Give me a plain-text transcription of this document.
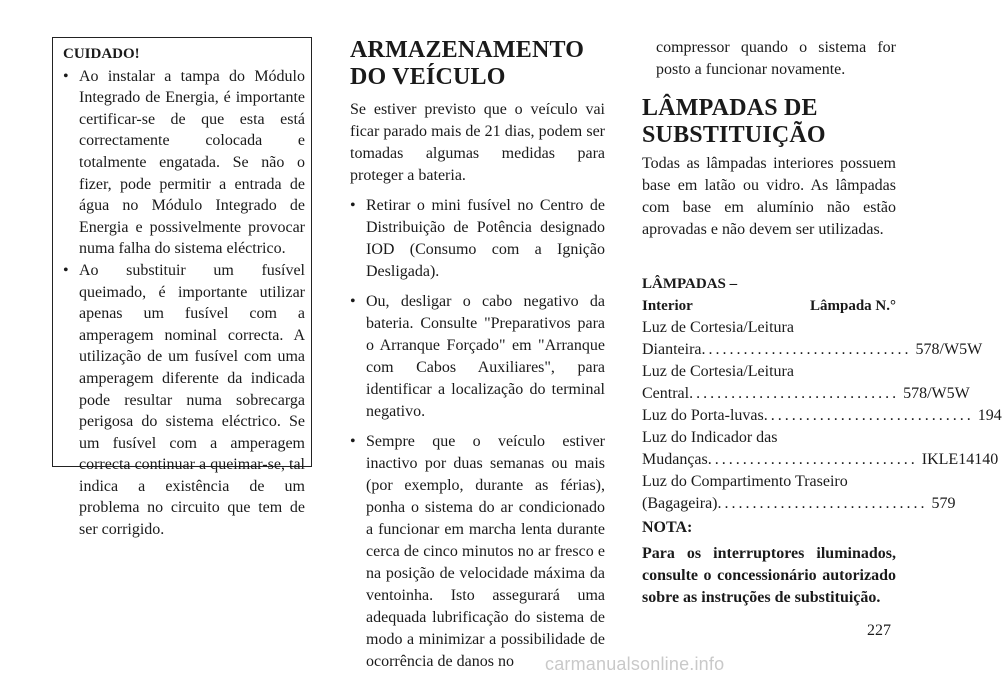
CUIDADO!
• Ao instalar a tampa do Módulo Integrado de Energia, é importante certificar-se de que esta está correctamente colocada e totalmente engatada. Se não o fizer, pode permitir a entrada de água no Módulo Integrado de Energia e possivelmente provocar numa falha do sistema eléctrico.
• Ao substituir um fusível queimado, é importante utilizar apenas um fusível com a amperagem nominal correcta. A utilização de um fusível com uma amperagem diferente da indicada pode resultar numa sobrecarga perigosa do sistema eléctrico. Se um fusível com a amperagem correcta continuar a queimar-se, tal indica a existência de um problema no circuito que tem de ser corrigido.
ARMAZENAMENTO DO VEÍCULO

Se estiver previsto que o veículo vai ficar parado mais de 21 dias, podem ser tomadas algumas medidas para proteger a bateria.

• Retirar o mini fusível no Centro de Distribuição de Potência designado IOD (Consumo com a Ignição Desligada).
• Ou, desligar o cabo negativo da bateria. Consulte "Preparativos para o Arranque Forçado" em "Arranque com Cabos Auxiliares", para identificar a localização do terminal negativo.
• Sempre que o veículo estiver inactivo por duas semanas ou mais (por exemplo, durante as férias), ponha o sistema do ar condicionado a funcionar em marcha lenta durante cerca de cinco minutos no ar fresco e na posição de velocidade máxima da ventoinha. Isto assegurará uma adequada lubrificação do sistema de modo a minimizar a possibilidade de ocorrência de danos no

compressor quando o sistema for posto a funcionar novamente.

LÂMPADAS DE SUBSTITUIÇÃO

Todas as lâmpadas interiores possuem base em latão ou vidro. As lâmpadas com base em alumínio não estão aprovadas e não devem ser utilizadas.

LÂMPADAS –
Interior	Lâmpada N.°
Luz de Cortesia/Leitura
Dianteira .............................. 578/W5W
Luz de Cortesia/Leitura
Central .............................. 578/W5W
Luz do Porta-luvas .............................. 194
Luz do Indicador das
Mudanças .............................. IKLE14140
Luz do Compartimento Traseiro
(Bagageira) .............................. 579
NOTA:

Para os interruptores iluminados, consulte o concessionário autorizado sobre as instruções de substituição.

227
carmanualsonline.info
